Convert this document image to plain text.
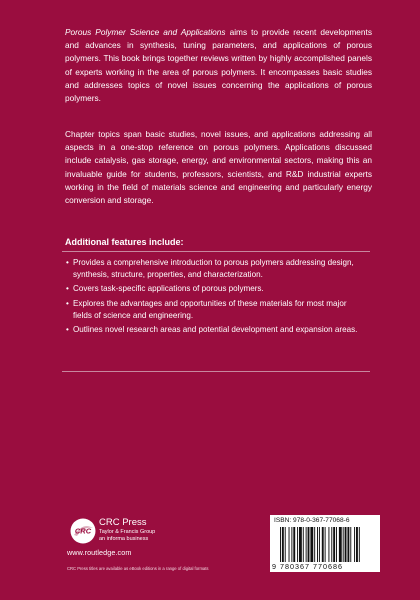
Porous Polymer Science and Applications aims to provide recent developments and advances in synthesis, tuning parameters, and applications of porous polymers. This book brings together reviews written by highly accomplished panels of experts working in the area of porous polymers. It encompasses basic studies and addresses topics of novel issues concerning the applications of porous polymers.

Chapter topics span basic studies, novel issues, and applications addressing all aspects in a one-stop reference on porous polymers. Applications discussed include catalysis, gas storage, energy, and environmental sectors, making this an invaluable guide for students, professors, scientists, and R&D industrial experts working in the field of materials science and engineering and particularly energy conversion and storage.

Additional features include:

• Provides a comprehensive introduction to porous polymers addressing design, synthesis, structure, properties, and characterization.

• Covers task-specific applications of porous polymers.

• Explores the advantages and opportunities of these materials for most major fields of science and engineering.

• Outlines novel research areas and potential development and expansion areas.

CRC

CRC Press

Taylor & Francis Group

an informa business

www.routledge.com

CRC Press titles are available as eBook editions in a range of digital formats

ISBN: 978-0-367-77068-6

9 780367 770686
